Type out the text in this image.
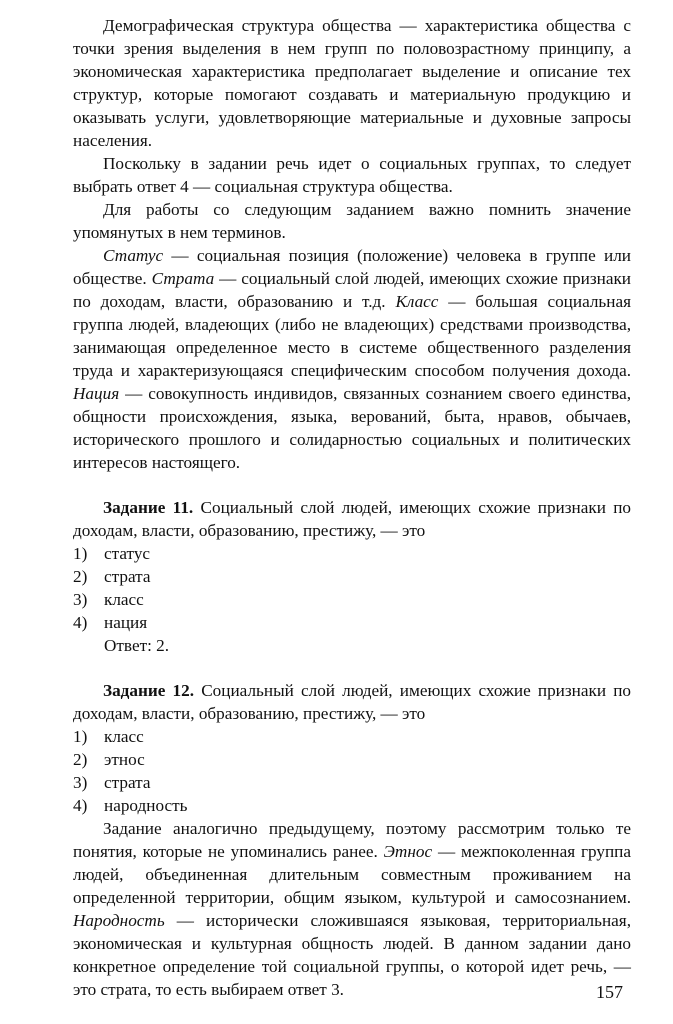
Демографическая структура общества — характеристика общества с точки зрения выделения в нем групп по половозрастному принципу, а экономическая характеристика предполагает выделение и описание тех структур, которые помогают создавать и материальную продукцию и оказывать услуги, удовлетворяющие материальные и духовные запросы населения.

Поскольку в задании речь идет о социальных группах, то следует выбрать ответ 4 — социальная структура общества.

Для работы со следующим заданием важно помнить значение упомянутых в нем терминов.

Статус — социальная позиция (положение) человека в группе или обществе. Страта — социальный слой людей, имеющих схожие признаки по доходам, власти, образованию и т.д. Класс — большая социальная группа людей, владеющих (либо не владеющих) средствами производства, занимающая определенное место в системе общественного разделения труда и характеризующаяся специфическим способом получения дохода. Нация — совокупность индивидов, связанных сознанием своего единства, общности происхождения, языка, верований, быта, нравов, обычаев, исторического прошлого и солидарностью социальных и политических интересов настоящего.

Задание 11. Социальный слой людей, имеющих схожие признаки по доходам, власти, образованию, престижу, — это

1) статус
2) страта
3) класс
4) нация
Ответ: 2.

Задание 12. Социальный слой людей, имеющих схожие признаки по доходам, власти, образованию, престижу, — это

1) класс
2) этнос
3) страта
4) народность

Задание аналогично предыдущему, поэтому рассмотрим только те понятия, которые не упоминались ранее. Этнос — межпоколенная группа людей, объединенная длительным совместным проживанием на определенной территории, общим языком, культурой и самосознанием. Народность — исторически сложившаяся языковая, территориальная, экономическая и культурная общность людей. В данном задании дано конкретное определение той социальной группы, о которой идет речь, — это страта, то есть выбираем ответ 3.	157
